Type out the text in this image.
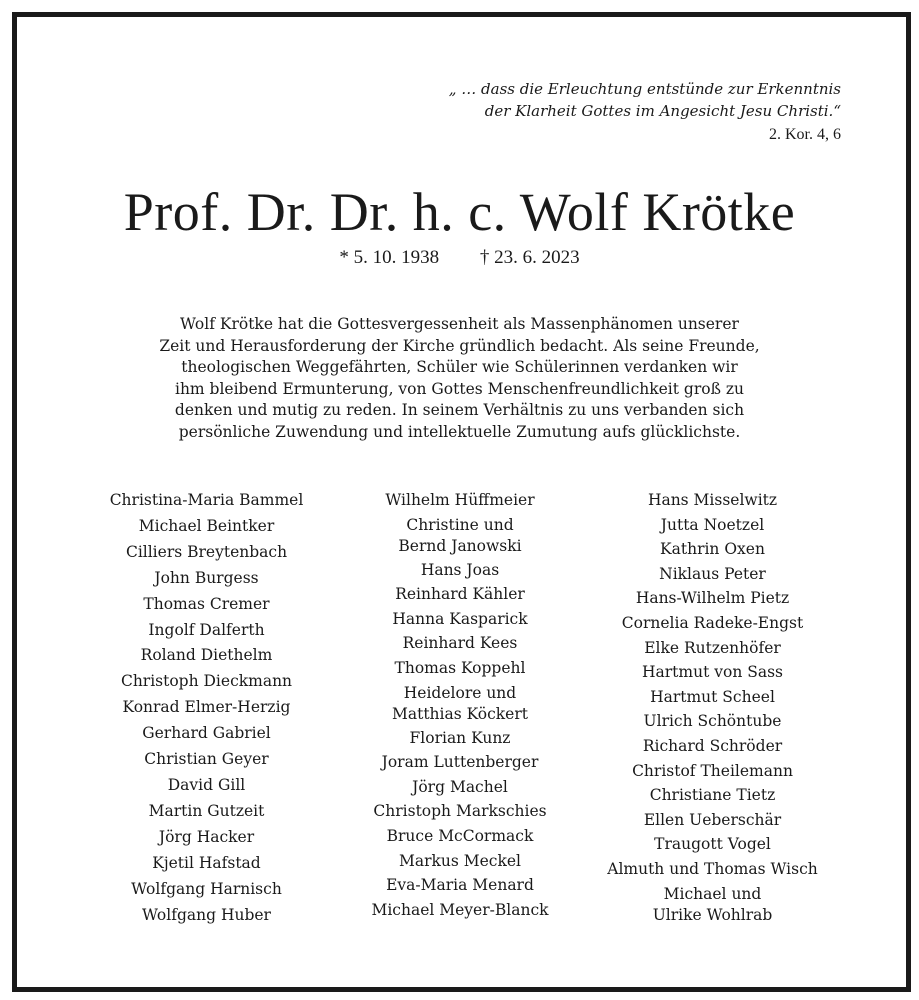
„ … dass die Erleuchtung entstünde zur Erkenntnis
der Klarheit Gottes im Angesicht Jesu Christi.“
2. Kor. 4, 6
Prof. Dr. Dr. h. c. Wolf Krötke
* 5. 10. 1938 † 23. 6. 2023
Wolf Krötke hat die Gottesvergessenheit als Massenphänomen unserer
Zeit und Herausforderung der Kirche gründlich bedacht. Als seine Freunde,
theologischen Weggefährten, Schüler wie Schülerinnen verdanken wir
ihm bleibend Ermunterung, von Gottes Menschenfreundlichkeit groß zu
denken und mutig zu reden. In seinem Verhältnis zu uns verbanden sich
persönliche Zuwendung und intellektuelle Zumutung aufs glücklichste.
Christina-Maria Bammel
Michael Beintker
Cilliers Breytenbach
John Burgess
Thomas Cremer
Ingolf Dalferth
Roland Diethelm
Christoph Dieckmann
Konrad Elmer-Herzig
Gerhard Gabriel
Christian Geyer
David Gill
Martin Gutzeit
Jörg Hacker
Kjetil Hafstad
Wolfgang Harnisch
Wolfgang Huber
Wilhelm Hüffmeier
Christine und
Bernd Janowski
Hans Joas
Reinhard Kähler
Hanna Kasparick
Reinhard Kees
Thomas Koppehl
Heidelore und
Matthias Köckert
Florian Kunz
Joram Luttenberger
Jörg Machel
Christoph Markschies
Bruce McCormack
Markus Meckel
Eva-Maria Menard
Michael Meyer-Blanck
Hans Misselwitz
Jutta Noetzel
Kathrin Oxen
Niklaus Peter
Hans-Wilhelm Pietz
Cornelia Radeke-Engst
Elke Rutzenhöfer
Hartmut von Sass
Hartmut Scheel
Ulrich Schöntube
Richard Schröder
Christof Theilemann
Christiane Tietz
Ellen Ueberschär
Traugott Vogel
Almuth und Thomas Wisch
Michael und
Ulrike Wohlrab
